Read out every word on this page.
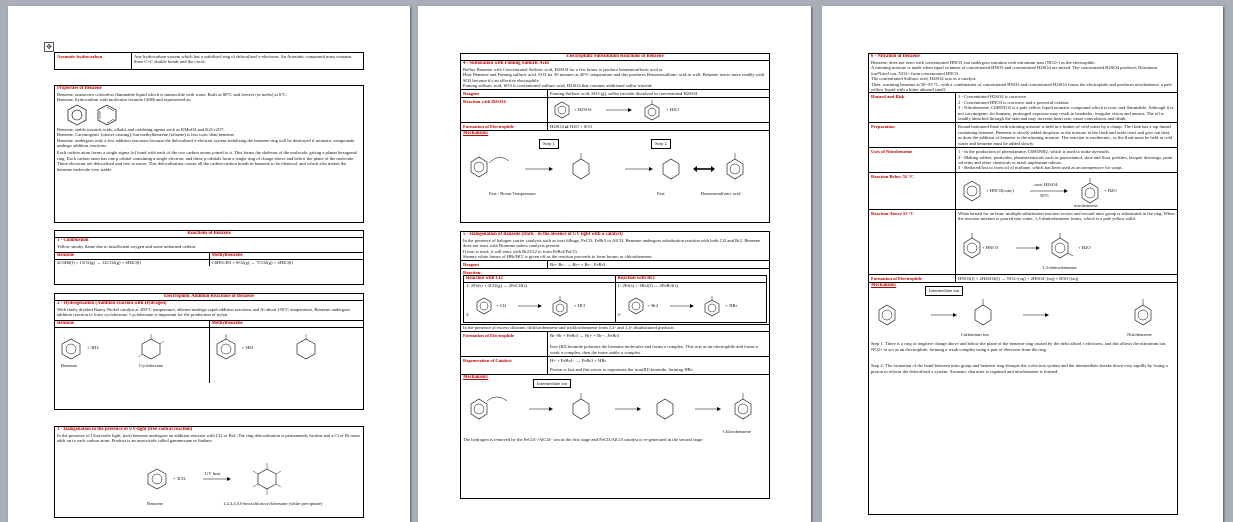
✥
Aromatic hydrocarbon	Any hydrocarbon system which has a stabilised ring of delocalised π-electrons. An Aromatic compound must contains three C=C double bonds and the circle.
Properties of Benzene
Benzene, unreactive colourless flammable liquid which is immiscible with water. Boils at 80°C and freezes (or melts) at 6°C.
Benzene, hydrocarbon with molecular formula C6H6 and represented as;
Benzene, stable towards acids, alkalis and oxidising agents such as KMnO4 and K2Cr2O7.
Benzene, Carcinogenic (cancer causing), but methylbenzene (toluene) is less toxic than benzene.
Benzene, undergoes only a few addition reactions because the delocalised π-electron system stabilising the benzene ring will be destroyed if aromatic compounds undergo addition reactions.
Each carbon atom forms a single sigma (σ) bond with each of the two carbon atoms joined to it. This forms the skeleton of the molecule, giving a planar hexagonal ring. Each carbon atom has one p orbital containing a single electron, and these p orbitals form a single ring of charge above and below the plane of the molecule. These electrons are delocalised and free to move. This delocalisation causes all the carbon-carbon bonds in benzene to be identical, and which also makes the benzene molecule very stable.
Reactions of Benzene
1 - Combustion
Yellow smoky flame due to insufficient oxygen and some unburned carbon.
Benzene
2C6H6(l) + 15O2(g) → 12CO2(g) + 6H2O(l)
Methylbenzene
C6H5CH3 + 9O2(g) → 7CO2(g) + 4H2O(l)
Electrophilic Addition Reactions of Benzene
2 - Hydrogenation (Addition reaction with Hydrogen)
With finely divided Raney Nickel catalyst at 200°C temperature, alkenes undergo rapid addition reactions and At about 150°C temperature, Benzene undergoes addition reaction to form cyclohexane. Cyclohexane is important for the production of nylon.
Benzene
+ 3H2
Benzene	Cyclohexane
Methylbenzene
+ 3H2
3 - Halogenation in the presence of UV-light (free radical reaction)
In the presence of Ultraviolet light, (not) benzene undergoes an addition reaction with Cl2 or Br2. The ring delocalisation is permanently broken and a Cl or Br atom adds on to each carbon atom. Product is an insecticide called gammexane or lindane.
+ 3Cl2
UV heat
Benzene	1,2,3,4,5,6-hexachlorocyclohexane (white precipitate)
Electrophilic Substitution Reactions of Benzene
4 - Sulfonation with Fuming Sulfuric Acid
Reflux Benzene with Concentrated Sulfuric acid, H2SO4 for a few hours to produce benzenesulfonic acid or
Heat Benzene and Fuming sulfuric acid, SO3 for 30 minutes at 40°C temperature and this produces Benzenesulfonic acid as well. Benzene reacts more readily with SO3 because it's an effective electrophile.
Fuming sulfuric acid, SO3 is concentrated sulfuric acid, H2SO4 that contains additional sulfur trioxide
Reagent	Fuming Sulfuric acid, SO3 (g), sulfur trioxide dissolved in concentrated H2SO4
Reaction with H2SO4
+ H2SO4	+ H2O
Formation of Electrophile	H2SO4 ⇌ H2O + SO3
Mechanism:
Step 1	Step 2
Fast / Room Temperature	Fast	Benzenesulfonic acid
5 - Halogenation of Benzene (Dark - in the absence of UV light with a catalyst)
In the presence of halogen carrier catalysts such as iron fillings, FeCl3, FeBr3 or AlCl3, Benzene undergoes substitution reaction with both Cl2 and Br2. Benzene does not react with Bromine unless catalysis present.
If iron is used, it will react with Br2/Cl2 to form FeBr3/FeCl3.
Steamy white fumes of HBr/HCl is given off as the reaction proceeds to form bromo or chlorobenzene.
Reagent	Br+ Br− → Br+ + Br−, FeBr3
Reaction:
Reaction with Cl2
1- 2Fe(s) + 3Cl2(g) → 2FeCl3(s)
2-
+ Cl2	+ HCl
Reaction with Br2
1- 2Fe(s) + 3Br2(l) → 2FeBr3(s)
2-
+ Br2	+ HBr
In the presence of excess chlorine, dichlorobenzene and trichlorobenzene form 1,2- and 1,4- disubstituted products
Formation of Electrophile	Br−Br + FeBr3 → Br+ + Br−...FeBr3
Iron (III) bromide polarises the bromine molecules and forms a complex. This acts as an electrophile and forms a weak π complex, then the more stable σ complex.
Regeneration of Catalyst	H+ + FeBr4− → FeBr3 + HBr
Proton is lost and this reacts to regenerate the iron(III) bromide, forming HBr.
Mechanism:
Intermediate ion
Chlorobenzene
The hydrogen is removed by the FeCl4−/AlCl4− ion in the first stage and FeCl3/AlCl3 catalyst is re-generated in the second stage.
6 - Nitration of Benzene
Benzene, does not react with concentrated HNO3, but undergoes nitration with nitronium ions (NO2+) as the electrophile.
A nitrating mixture is made when equal volumes of concentrated HNO3 and concentrated H2SO4 are mixed. The concentrated H2SO4 produces Nitronium ion/Nitryl ion, NO2+ from concentrated HNO3.
The concentrated Sulfuric acid, H2SO4 acts as a catalyst.
Then, warming benzene at 50−55 °C, with a combination of concentrated HNO3 and concentrated H2SO4 forms the electrophile and produces nitrobenzene, a pale yellow liquid with a bitter almond smell.
Hazard and Risk	1 - Concentrated H2SO4 is corrosive
2 - Concentrated HNO3 is corrosive and a powerful oxidant.
3 - Nitrobenzene, C6H5NO2 is a pale yellow liquid aromatic compound which is toxic and flammable. Although it is not carcinogenic for humans, prolonged exposure may result in headache, irregular vision and nausea. The oil is readily absorbed through the skin and may increase heart rate, cause convulsions and death.
Preparation	Round bottomed flask with nitrating mixture is held in a beaker of cold water by a clamp. The flask has a tap funnel containing benzene. Benzene is slowly added dropwise to the mixture in the flask and acids react and give out heat, as does the addition of benzene to the nitrating mixture. The reaction is exothermic, so the flask must be held in cold water and benzene must be added slowly.
Uses of Nitrobenzene	1 - In the production of phenylamine, C6H5NH2, which is used to make dyestuffs.
2 - Making rubber, pesticides, pharmaceuticals such as paracetamol, shoe and floor polishes, lacquer dressings, paint solvents and other chemicals to mask unpleasant odours.
3 - Reduced/lost to form oil of mirbane, which has been used as an inexpensive for soaps.
Reaction Below 55 °C
+ HNO3(conc)
conc H2SO4
50°C
+ H2O
nitrobenzene
Reaction Above 55 °C	When heated for an hour, multiple substitution reaction occurs and second nitro group is substituted in the ring. When the reaction mixture is poured into water, 1,3-dinitrobenzene forms, which is a pale yellow solid.
+ HNO3	+ H2O
1,3-dinitrobenzene
Formation of Electrophile	HNO3(l) + 2H2SO4(l) → NO2+(aq) + 2HSO4−(aq) + H3O+(aq)
Mechanism:
Intermediate ion
Carbonium ion	Nitrobenzene
Step 1: There is a ring of negative charge above and below the plane of the benzene ring caused by the delocalised π electrons, and this allows the nitronium ion, NO2+ to act as an electrophile, forming a weak complex using a pair of electrons from the ring.
Step 2: The formation of the bond between nitro group and benzene ring disrupts the π electron system and the intermediate breaks down very rapidly by losing a proton to reform the delocalised π system. Aromatic character is regained and nitrobenzene is formed.
